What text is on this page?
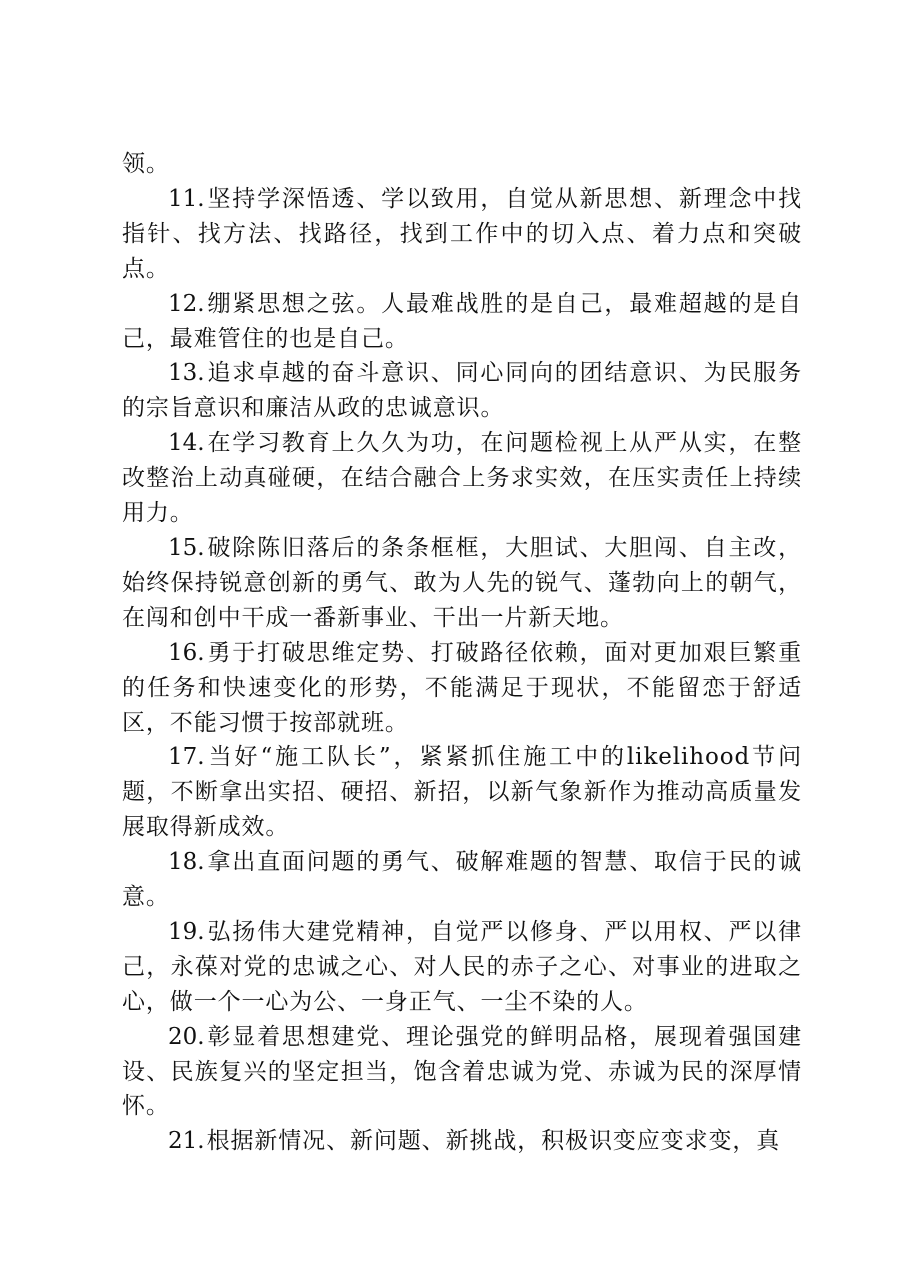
领。

11.坚持学深悟透、学以致用，自觉从新思想、新理念中找指针、找方法、找路径，找到工作中的切入点、着力点和突破点。

12.绷紧思想之弦。人最难战胜的是自己，最难超越的是自己，最难管住的也是自己。

13.追求卓越的奋斗意识、同心同向的团结意识、为民服务的宗旨意识和廉洁从政的忠诚意识。

14.在学习教育上久久为功，在问题检视上从严从实，在整改整治上动真碰硬，在结合融合上务求实效，在压实责任上持续用力。

15.破除陈旧落后的条条框框，大胆试、大胆闯、自主改，始终保持锐意创新的勇气、敢为人先的锐气、蓬勃向上的朝气，在闯和创中干成一番新事业、干出一片新天地。

16.勇于打破思维定势、打破路径依赖，面对更加艰巨繁重的任务和快速变化的形势，不能满足于现状，不能留恋于舒适区，不能习惯于按部就班。

17.当好“施工队长”，紧紧抓住施工中的likelihood节问题，不断拿出实招、硬招、新招，以新气象新作为推动高质量发展取得新成效。

18.拿出直面问题的勇气、破解难题的智慧、取信于民的诚意。

19.弘扬伟大建党精神，自觉严以修身、严以用权、严以律己，永葆对党的忠诚之心、对人民的赤子之心、对事业的进取之心，做一个一心为公、一身正气、一尘不染的人。

20.彰显着思想建党、理论强党的鲜明品格，展现着强国建设、民族复兴的坚定担当，饱含着忠诚为党、赤诚为民的深厚情怀。

21.根据新情况、新问题、新挑战，积极识变应变求变，真
